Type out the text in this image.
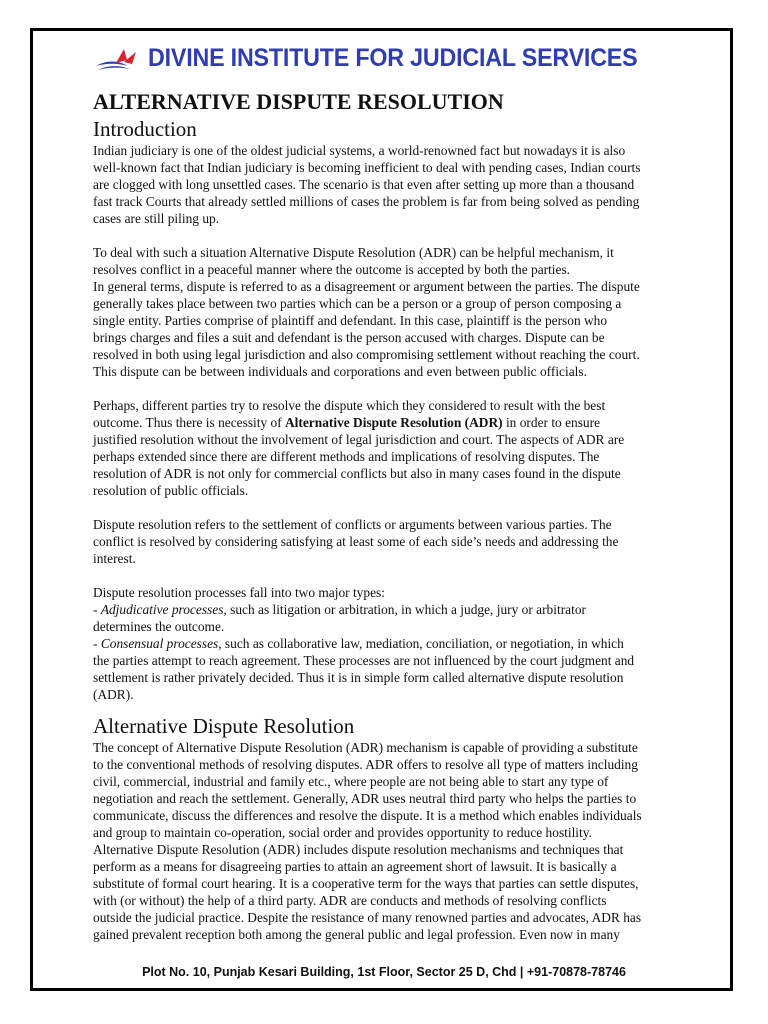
DIVINE INSTITUTE FOR JUDICIAL SERVICES
ALTERNATIVE DISPUTE RESOLUTION
Introduction
Indian judiciary is one of the oldest judicial systems, a world-renowned fact but nowadays it is also
well-known fact that Indian judiciary is becoming inefficient to deal with pending cases, Indian courts
are clogged with long unsettled cases. The scenario is that even after setting up more than a thousand
fast track Courts that already settled millions of cases the problem is far from being solved as pending
cases are still piling up.
To deal with such a situation Alternative Dispute Resolution (ADR) can be helpful mechanism, it
resolves conflict in a peaceful manner where the outcome is accepted by both the parties.
In general terms, dispute is referred to as a disagreement or argument between the parties. The dispute
generally takes place between two parties which can be a person or a group of person composing a
single entity. Parties comprise of plaintiff and defendant. In this case, plaintiff is the person who
brings charges and files a suit and defendant is the person accused with charges. Dispute can be
resolved in both using legal jurisdiction and also compromising settlement without reaching the court.
This dispute can be between individuals and corporations and even between public officials.
Perhaps, different parties try to resolve the dispute which they considered to result with the best
outcome. Thus there is necessity of Alternative Dispute Resolution (ADR) in order to ensure
justified resolution without the involvement of legal jurisdiction and court. The aspects of ADR are
perhaps extended since there are different methods and implications of resolving disputes. The
resolution of ADR is not only for commercial conflicts but also in many cases found in the dispute
resolution of public officials.
Dispute resolution refers to the settlement of conflicts or arguments between various parties. The
conflict is resolved by considering satisfying at least some of each side’s needs and addressing the
interest.
Dispute resolution processes fall into two major types:
- Adjudicative processes, such as litigation or arbitration, in which a judge, jury or arbitrator
determines the outcome.
- Consensual processes, such as collaborative law, mediation, conciliation, or negotiation, in which
the parties attempt to reach agreement. These processes are not influenced by the court judgment and
settlement is rather privately decided. Thus it is in simple form called alternative dispute resolution
(ADR).
Alternative Dispute Resolution
The concept of Alternative Dispute Resolution (ADR) mechanism is capable of providing a substitute
to the conventional methods of resolving disputes. ADR offers to resolve all type of matters including
civil, commercial, industrial and family etc., where people are not being able to start any type of
negotiation and reach the settlement. Generally, ADR uses neutral third party who helps the parties to
communicate, discuss the differences and resolve the dispute. It is a method which enables individuals
and group to maintain co-operation, social order and provides opportunity to reduce hostility.
Alternative Dispute Resolution (ADR) includes dispute resolution mechanisms and techniques that
perform as a means for disagreeing parties to attain an agreement short of lawsuit. It is basically a
substitute of formal court hearing. It is a cooperative term for the ways that parties can settle disputes,
with (or without) the help of a third party. ADR are conducts and methods of resolving conflicts
outside the judicial practice. Despite the resistance of many renowned parties and advocates, ADR has
gained prevalent reception both among the general public and legal profession. Even now in many
Plot No. 10, Punjab Kesari Building, 1st Floor, Sector 25 D, Chd | +91-70878-78746
